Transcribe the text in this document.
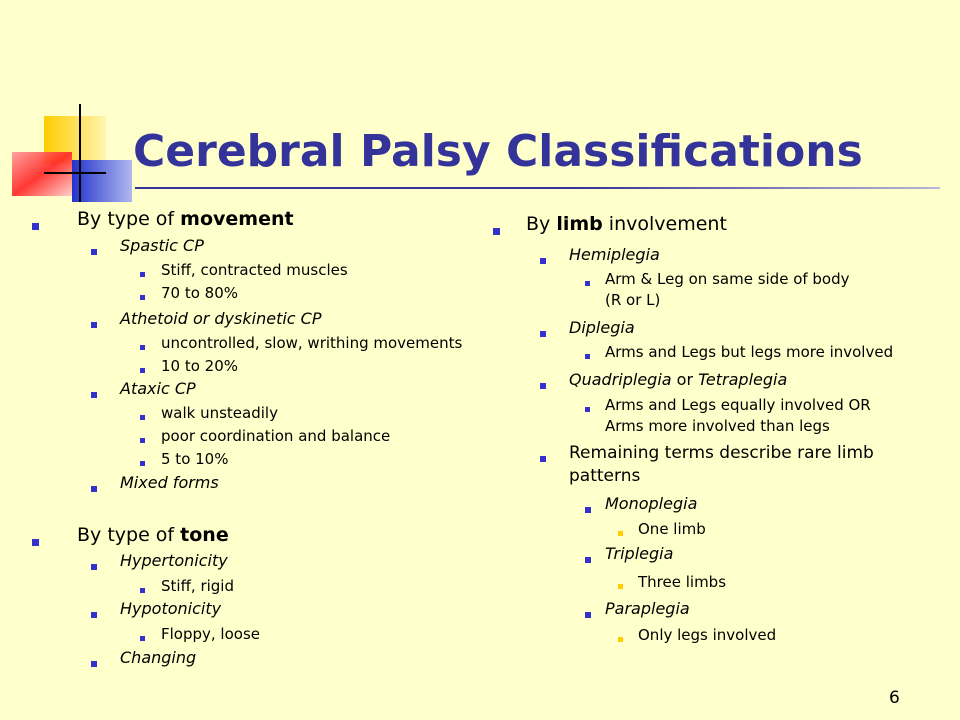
Cerebral Palsy Classifications
By type of movement
Spastic CP
Stiff, contracted muscles
70 to 80%
Athetoid or dyskinetic CP
uncontrolled, slow, writhing movements
10 to 20%
Ataxic CP
walk unsteadily
poor coordination and balance
5 to 10%
Mixed forms
By type of tone
Hypertonicity
Stiff, rigid
Hypotonicity
Floppy, loose
Changing
By limb involvement
Hemiplegia
Arm & Leg on same side of body
(R or L)
Diplegia
Arms and Legs but legs more involved
Quadriplegia or Tetraplegia
Arms and Legs equally involved OR
Arms more involved than legs
Remaining terms describe rare limb
patterns
Monoplegia
One limb
Triplegia
Three limbs
Paraplegia
Only legs involved
6
